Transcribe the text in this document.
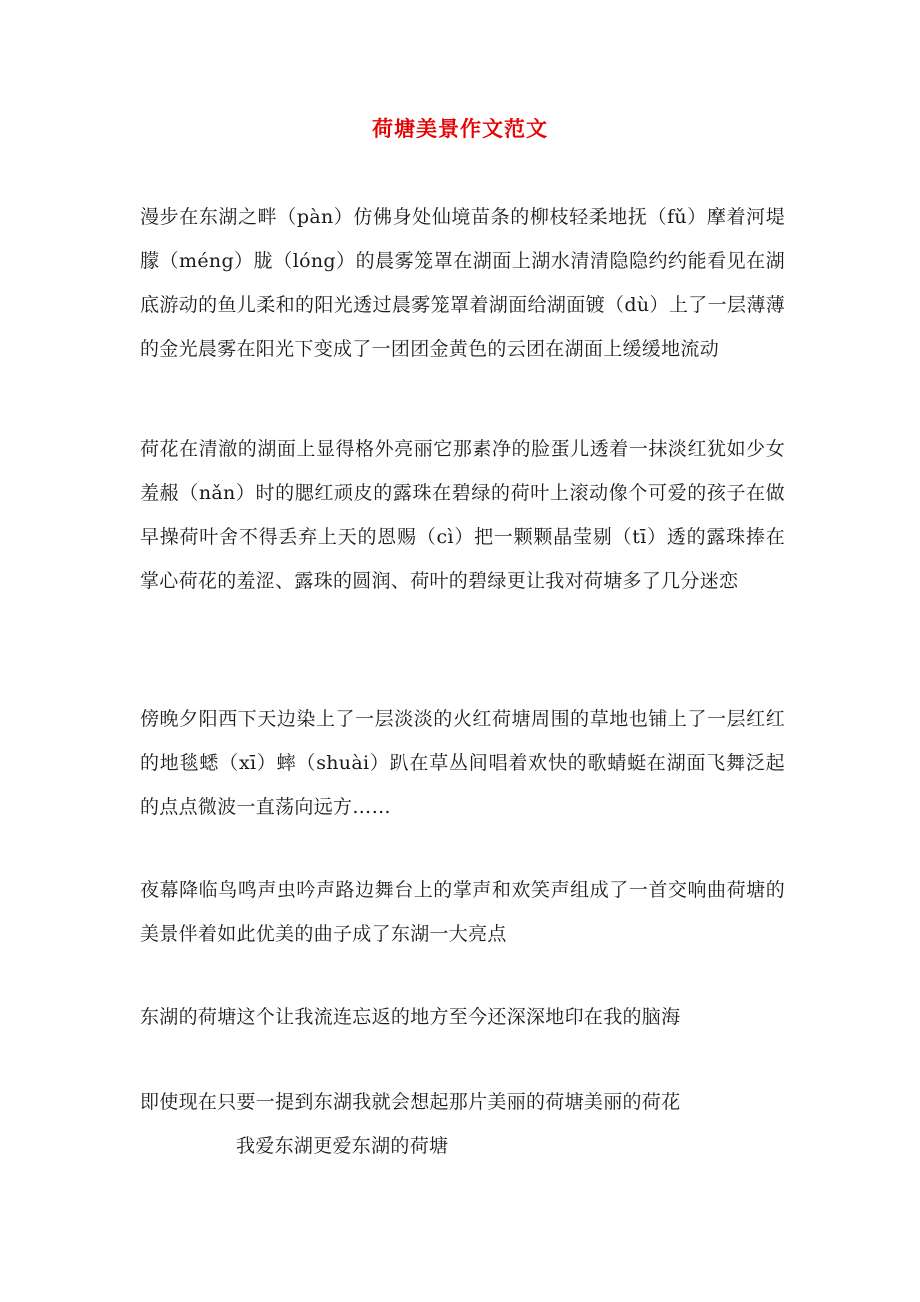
荷塘美景作文范文

漫步在东湖之畔（pàn）仿佛身处仙境苗条的柳枝轻柔地抚（fǔ）摩着河堤朦（méng）胧（lóng）的晨雾笼罩在湖面上湖水清清隐隐约约能看见在湖底游动的鱼儿柔和的阳光透过晨雾笼罩着湖面给湖面镀（dù）上了一层薄薄的金光晨雾在阳光下变成了一团团金黄色的云团在湖面上缓缓地流动

荷花在清澈的湖面上显得格外亮丽它那素净的脸蛋儿透着一抹淡红犹如少女羞赧（nǎn）时的腮红顽皮的露珠在碧绿的荷叶上滚动像个可爱的孩子在做早操荷叶舍不得丢弃上天的恩赐（cì）把一颗颗晶莹剔（tī）透的露珠捧在掌心荷花的羞涩、露珠的圆润、荷叶的碧绿更让我对荷塘多了几分迷恋

傍晚夕阳西下天边染上了一层淡淡的火红荷塘周围的草地也铺上了一层红红的地毯蟋（xī）蟀（shuài）趴在草丛间唱着欢快的歌蜻蜓在湖面飞舞泛起的点点微波一直荡向远方……

夜幕降临鸟鸣声虫吟声路边舞台上的掌声和欢笑声组成了一首交响曲荷塘的美景伴着如此优美的曲子成了东湖一大亮点

东湖的荷塘这个让我流连忘返的地方至今还深深地印在我的脑海

即使现在只要一提到东湖我就会想起那片美丽的荷塘美丽的荷花

我爱东湖更爱东湖的荷塘
